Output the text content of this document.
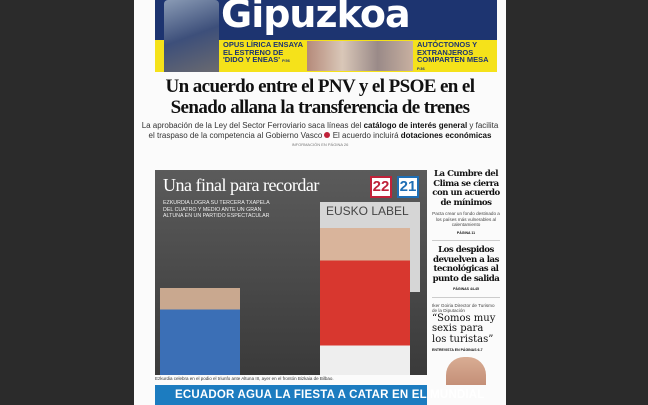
Gipuzkoa
OPUS LÍRICA ENSAYA EL ESTRENO DE 'DIDO Y ENEAS' P.56
AUTÓCTONOS Y EXTRANJEROS COMPARTEN MESA P.36
Un acuerdo entre el PNV y el PSOE en el Senado allana la transferencia de trenes
La aprobación de la Ley del Sector Ferroviario saca líneas del catálogo de interés general y facilita el traspaso de la competencia al Gobierno Vasco  El acuerdo incluirá dotaciones económicas
INFORMACIÓN EN PÁGINA 26
EUSKO LABEL
Una final para recordar	22 21
EZKURDIA LOGRA SU TERCERA TXAPELA DEL CUATRO Y MEDIO ANTE UN GRAN ALTUNA EN UN PARTIDO ESPECTACULAR
Ezkurdia celebra en el podio el triunfo ante Altuna III, ayer en el frontón Bizkaia de Bilbao.
ECUADOR AGUA LA FIESTA A CATAR EN EL MUNDIAL
La Cumbre del Clima se cierra con un acuerdo de mínimos
Pacta crear un fondo destinado a los países más vulnerables al calentamiento
PÁGINA 11
Los despidos devuelven a las tecnológicas al punto de salida
PÁGINAS 44-45
Iker Goiria Director de Turismo de la Diputación
“Somos muy sexis para los turistas”
ENTREVISTA EN PÁGINAS 6-7
